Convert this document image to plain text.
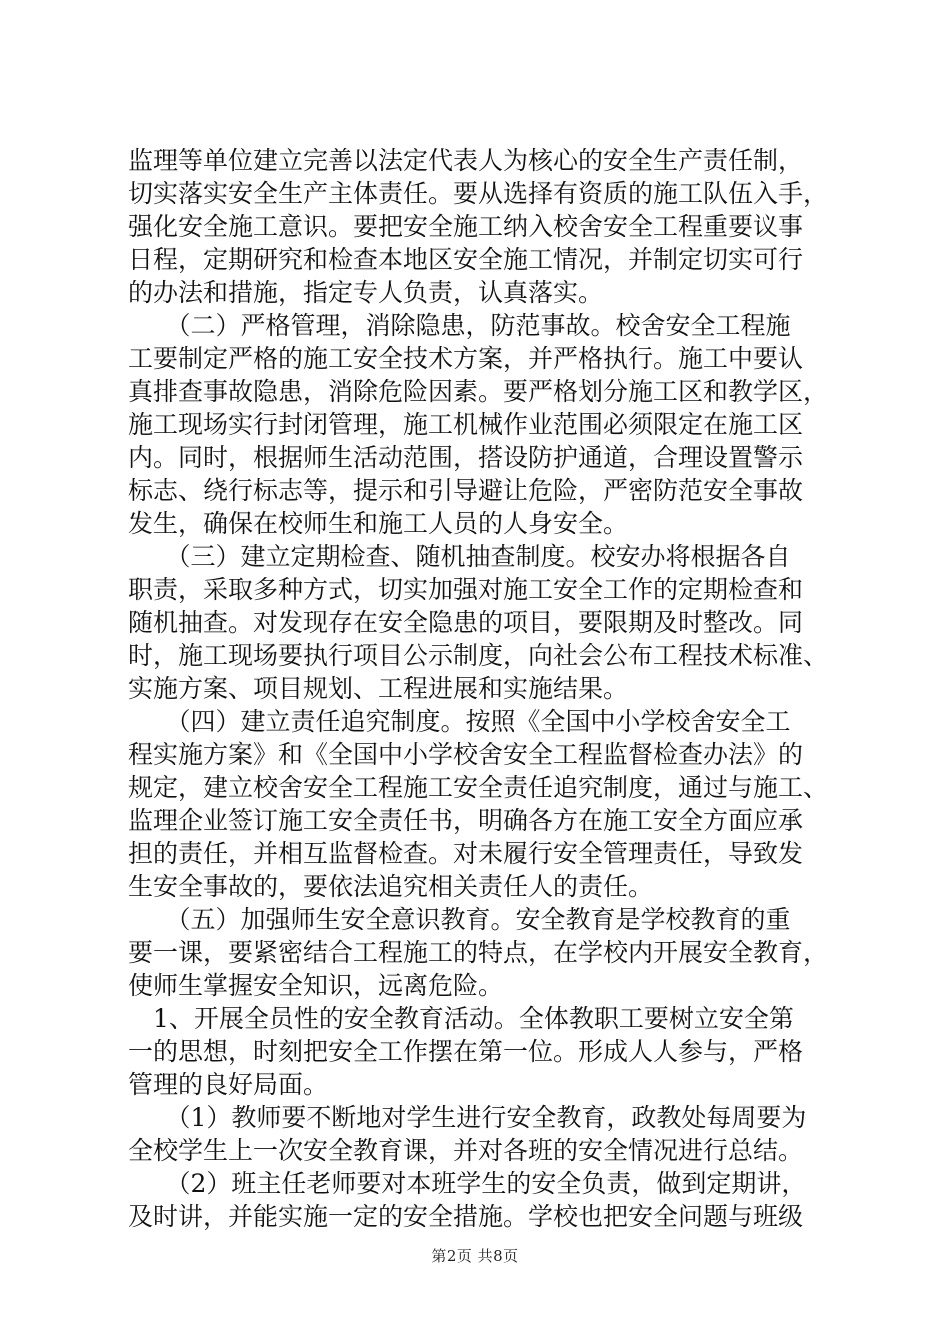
监理等单位建立完善以法定代表人为核心的安全生产责任制，
切实落实安全生产主体责任。要从选择有资质的施工队伍入手，
强化安全施工意识。要把安全施工纳入校舍安全工程重要议事
日程，定期研究和检查本地区安全施工情况，并制定切实可行
的办法和措施，指定专人负责，认真落实。
　　（二）严格管理，消除隐患，防范事故。校舍安全工程施
工要制定严格的施工安全技术方案，并严格执行。施工中要认
真排查事故隐患，消除危险因素。要严格划分施工区和教学区，
施工现场实行封闭管理，施工机械作业范围必须限定在施工区
内。同时，根据师生活动范围，搭设防护通道，合理设置警示
标志、绕行标志等，提示和引导避让危险，严密防范安全事故
发生，确保在校师生和施工人员的人身安全。
　　（三）建立定期检查、随机抽查制度。校安办将根据各自
职责，采取多种方式，切实加强对施工安全工作的定期检查和
随机抽查。对发现存在安全隐患的项目，要限期及时整改。同
时，施工现场要执行项目公示制度，向社会公布工程技术标准、
实施方案、项目规划、工程进展和实施结果。
　　（四）建立责任追究制度。按照《全国中小学校舍安全工
程实施方案》和《全国中小学校舍安全工程监督检查办法》的
规定，建立校舍安全工程施工安全责任追究制度，通过与施工、
监理企业签订施工安全责任书，明确各方在施工安全方面应承
担的责任，并相互监督检查。对未履行安全管理责任，导致发
生安全事故的，要依法追究相关责任人的责任。
　　（五）加强师生安全意识教育。安全教育是学校教育的重
要一课，要紧密结合工程施工的特点，在学校内开展安全教育，
使师生掌握安全知识，远离危险。
　1、开展全员性的安全教育活动。全体教职工要树立安全第
一的思想，时刻把安全工作摆在第一位。形成人人参与，严格
管理的良好局面。
　　（1）教师要不断地对学生进行安全教育，政教处每周要为
全校学生上一次安全教育课，并对各班的安全情况进行总结。
　　（2）班主任老师要对本班学生的安全负责，做到定期讲，
及时讲，并能实施一定的安全措施。学校也把安全问题与班级
第2页 共8页
